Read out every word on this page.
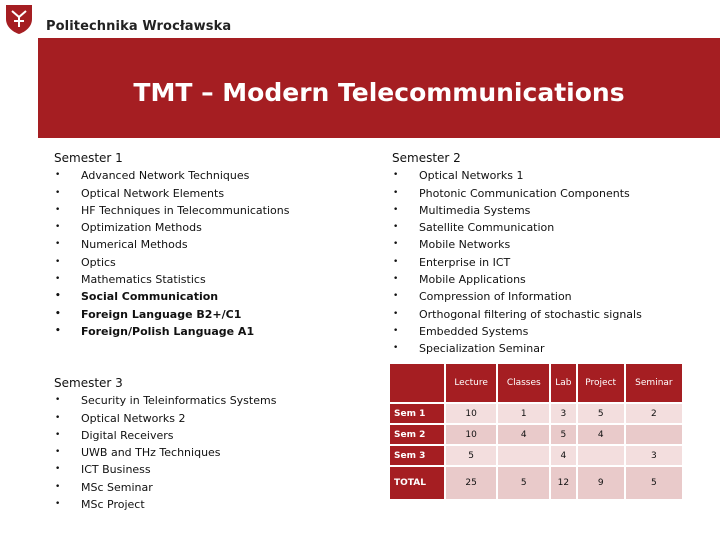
Politechnika Wrocławska
TMT – Modern Telecommunications
Semester 1
• Advanced Network Techniques
• Optical Network Elements
• HF Techniques in Telecommunications
• Optimization Methods
• Numerical Methods
• Optics
• Mathematics Statistics
• Social Communication
• Foreign Language B2+/C1
• Foreign/Polish Language A1
Semester 2
• Optical Networks 1
• Photonic Communication Components
• Multimedia Systems
• Satellite Communication
• Mobile Networks
• Enterprise in ICT
• Mobile Applications
• Compression of Information
• Orthogonal filtering of stochastic signals
• Embedded Systems
• Specialization Seminar
Semester 3
• Security in Teleinformatics Systems
• Optical Networks 2
• Digital Receivers
• UWB and THz Techniques
• ICT Business
• MSc Seminar
• MSc Project
	Lecture	Classes	Lab	Project	Seminar
Sem 1	10	1	3	5	2
Sem 2	10	4	5	4	
Sem 3	5		4		3
TOTAL	25	5	12	9	5
